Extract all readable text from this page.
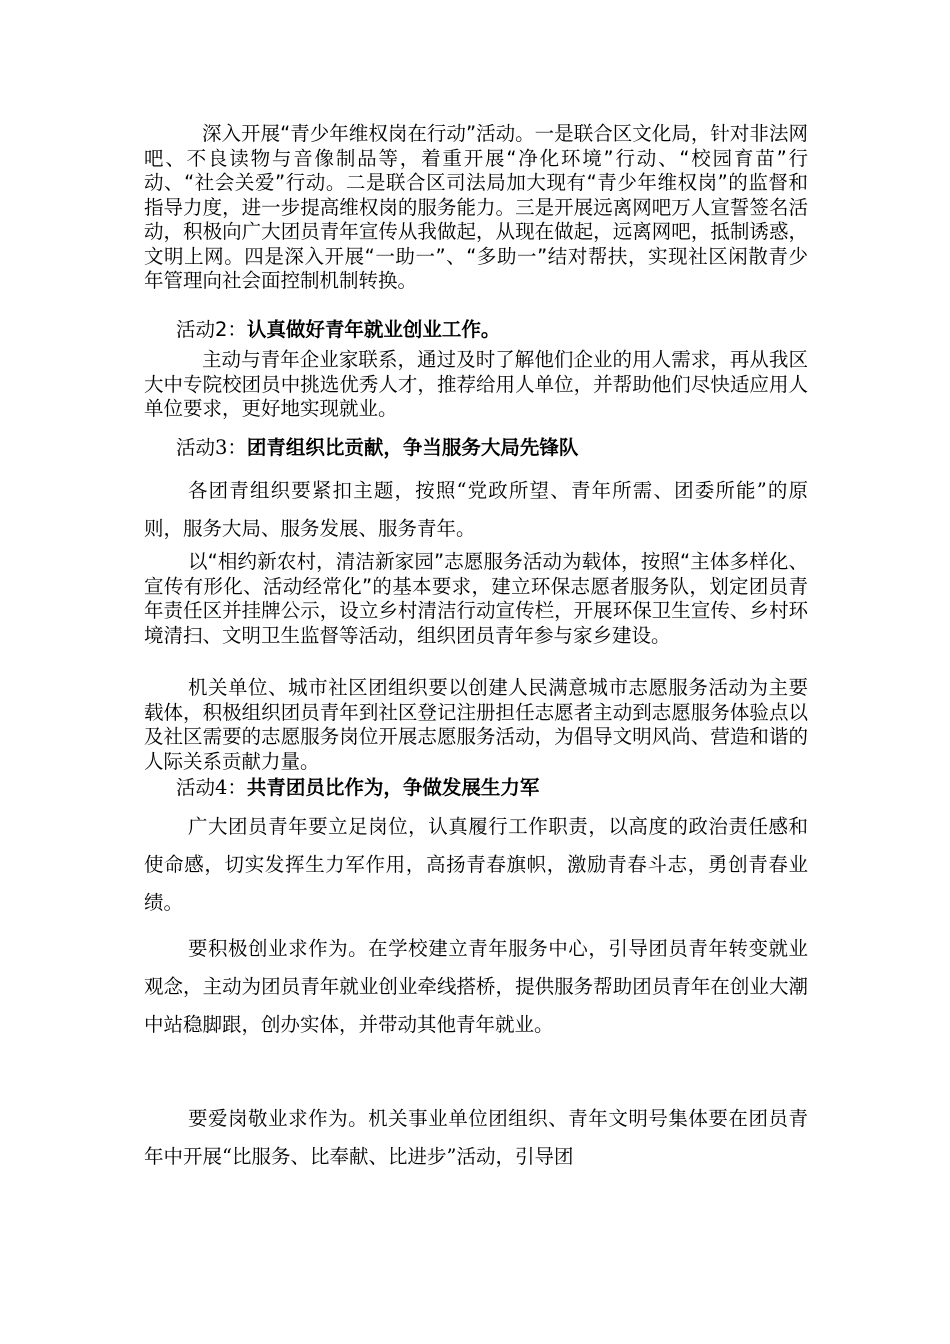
深入开展“青少年维权岗在行动”活动。一是联合区文化局，针对非法网吧、不良读物与音像制品等，着重开展“净化环境”行动、“校园育苗”行动、“社会关爱”行动。二是联合区司法局加大现有“青少年维权岗”的监督和指导力度，进一步提高维权岗的服务能力。三是开展远离网吧万人宣誓签名活动，积极向广大团员青年宣传从我做起，从现在做起，远离网吧，抵制诱惑，文明上网。四是深入开展“一助一”、“多助一”结对帮扶，实现社区闲散青少年管理向社会面控制机制转换。

活动2：认真做好青年就业创业工作。

主动与青年企业家联系，通过及时了解他们企业的用人需求，再从我区大中专院校团员中挑选优秀人才，推荐给用人单位，并帮助他们尽快适应用人单位要求，更好地实现就业。

活动3：团青组织比贡献，争当服务大局先锋队

各团青组织要紧扣主题，按照“党政所望、青年所需、团委所能”的原则，服务大局、服务发展、服务青年。

以“相约新农村，清洁新家园”志愿服务活动为载体，按照“主体多样化、宣传有形化、活动经常化”的基本要求，建立环保志愿者服务队，划定团员青年责任区并挂牌公示，设立乡村清洁行动宣传栏，开展环保卫生宣传、乡村环境清扫、文明卫生监督等活动，组织团员青年参与家乡建设。

机关单位、城市社区团组织要以创建人民满意城市志愿服务活动为主要载体，积极组织团员青年到社区登记注册担任志愿者主动到志愿服务体验点以及社区需要的志愿服务岗位开展志愿服务活动，为倡导文明风尚、营造和谐的人际关系贡献力量。

活动4：共青团员比作为，争做发展生力军

广大团员青年要立足岗位，认真履行工作职责，以高度的政治责任感和使命感，切实发挥生力军作用，高扬青春旗帜，激励青春斗志，勇创青春业绩。

要积极创业求作为。在学校建立青年服务中心，引导团员青年转变就业观念，主动为团员青年就业创业牵线搭桥，提供服务帮助团员青年在创业大潮中站稳脚跟，创办实体，并带动其他青年就业。

要爱岗敬业求作为。机关事业单位团组织、青年文明号集体要在团员青年中开展“比服务、比奉献、比进步”活动，引导团
